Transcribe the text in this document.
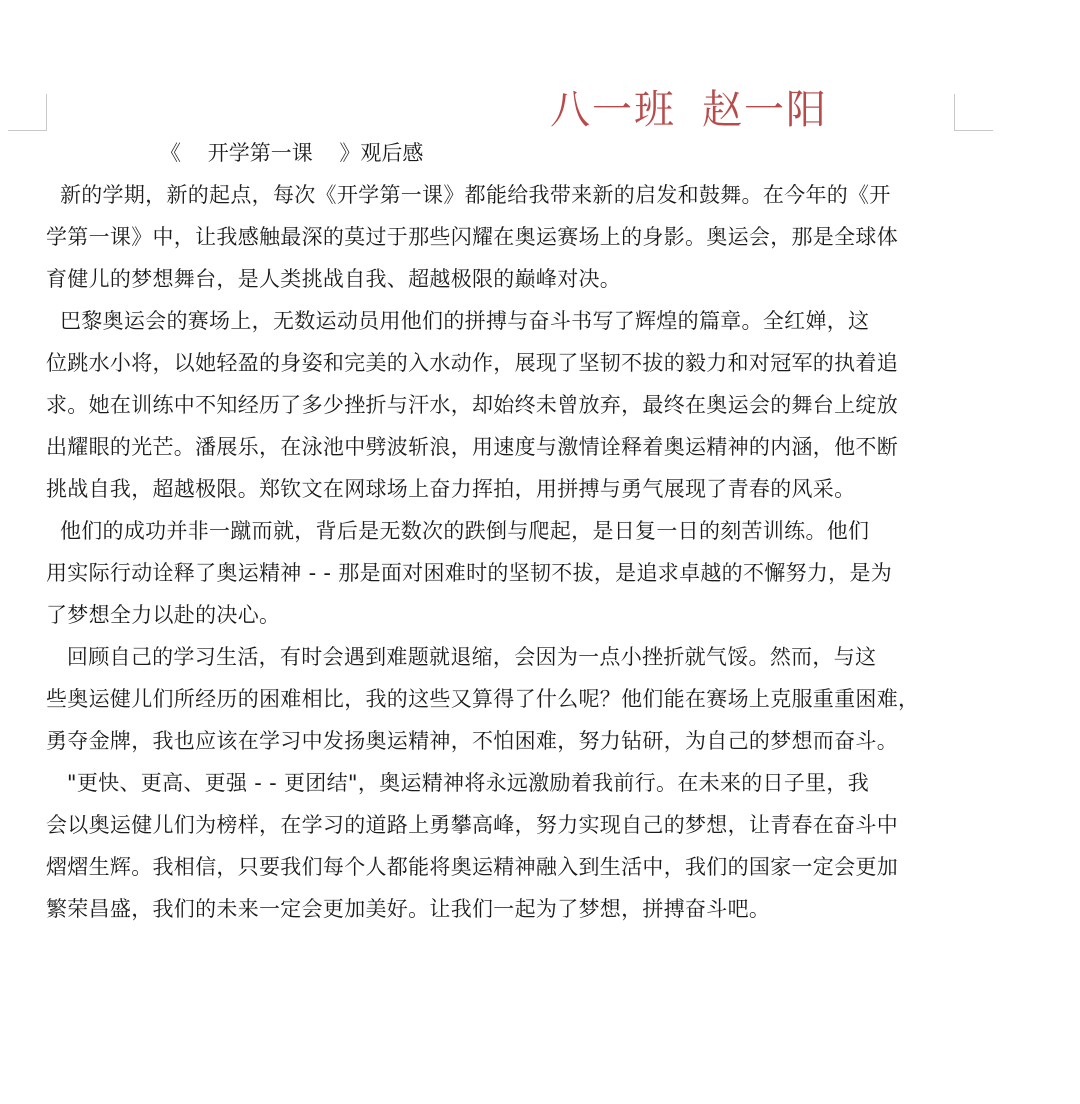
八一班 赵一阳
《    开学第一课    》观后感
新的学期，新的起点，每次《开学第一课》都能给我带来新的启发和鼓舞。在今年的《开
学第一课》中，让我感触最深的莫过于那些闪耀在奥运赛场上的身影。奥运会，那是全球体
育健儿的梦想舞台，是人类挑战自我、超越极限的巅峰对决。
巴黎奥运会的赛场上，无数运动员用他们的拼搏与奋斗书写了辉煌的篇章。全红婵，这
位跳水小将，以她轻盈的身姿和完美的入水动作，展现了坚韧不拔的毅力和对冠军的执着追
求。她在训练中不知经历了多少挫折与汗水，却始终未曾放弃，最终在奥运会的舞台上绽放
出耀眼的光芒。潘展乐，在泳池中劈波斩浪，用速度与激情诠释着奥运精神的内涵，他不断
挑战自我，超越极限。郑钦文在网球场上奋力挥拍，用拼搏与勇气展现了青春的风采。
他们的成功并非一蹴而就，背后是无数次的跌倒与爬起，是日复一日的刻苦训练。他们
用实际行动诠释了奥运精神 - - 那是面对困难时的坚韧不拔，是追求卓越的不懈努力，是为
了梦想全力以赴的决心。
回顾自己的学习生活，有时会遇到难题就退缩，会因为一点小挫折就气馁。然而，与这
些奥运健儿们所经历的困难相比，我的这些又算得了什么呢？他们能在赛场上克服重重困难，
勇夺金牌，我也应该在学习中发扬奥运精神，不怕困难，努力钻研，为自己的梦想而奋斗。
"更快、更高、更强 - - 更团结"，奥运精神将永远激励着我前行。在未来的日子里，我
会以奥运健儿们为榜样，在学习的道路上勇攀高峰，努力实现自己的梦想，让青春在奋斗中
熠熠生辉。我相信，只要我们每个人都能将奥运精神融入到生活中，我们的国家一定会更加
繁荣昌盛，我们的未来一定会更加美好。让我们一起为了梦想，拼搏奋斗吧。
